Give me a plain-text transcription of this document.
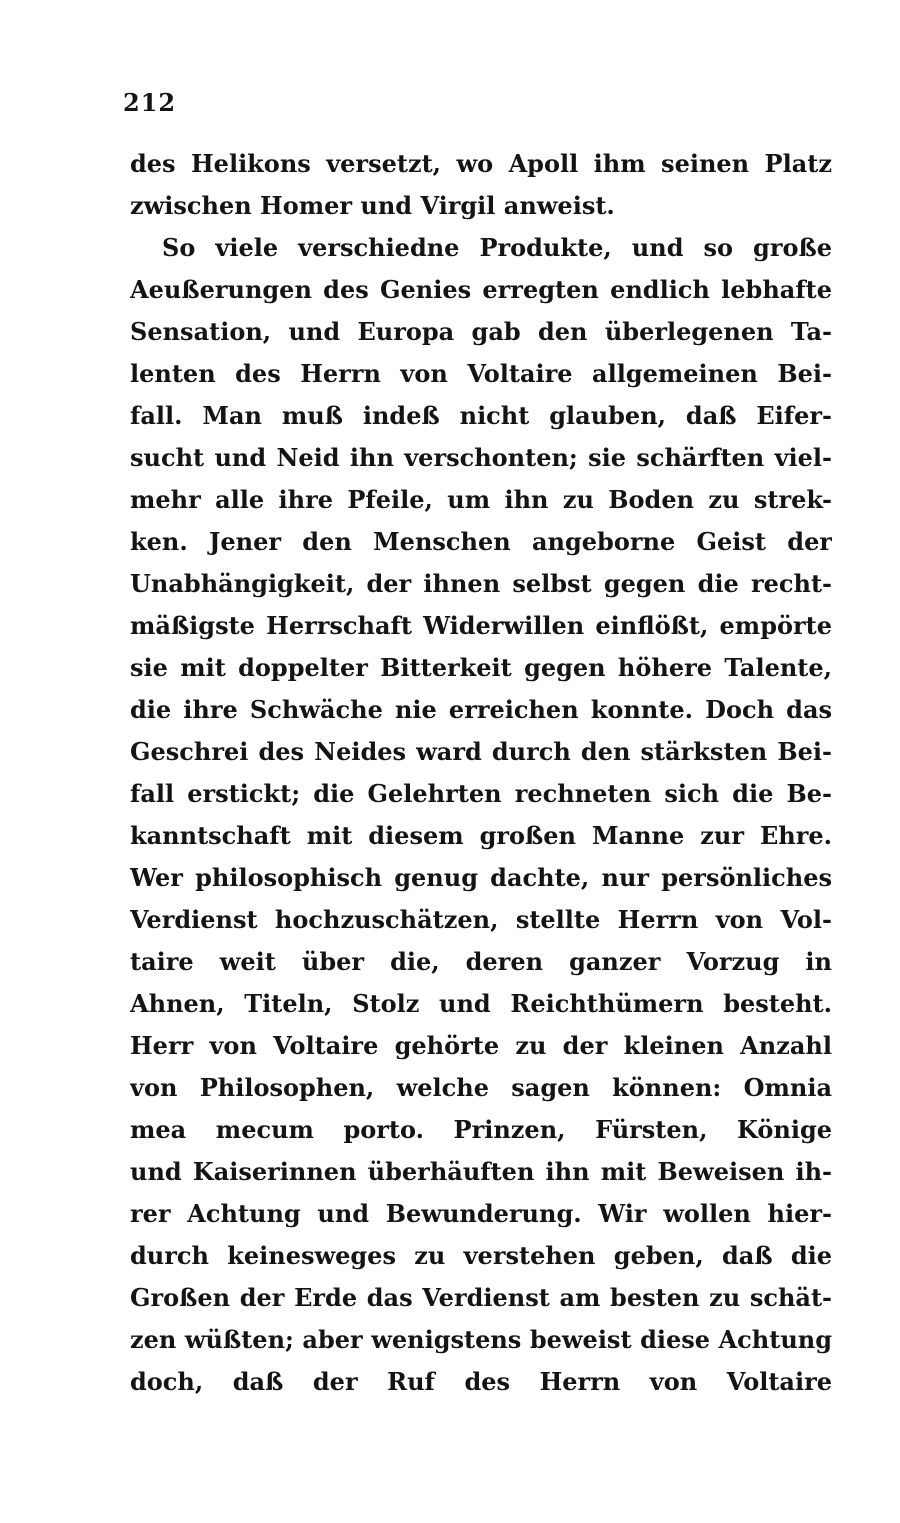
212
des Helikons versetzt, wo Apoll ihm seinen Platz
zwischen Homer und Virgil anweist.
So viele verschiedne Produkte, und so große
Aeußerungen des Genies erregten endlich lebhafte
Sensation, und Europa gab den überlegenen Ta-
lenten des Herrn von Voltaire allgemeinen Bei-
fall. Man muß indeß nicht glauben, daß Eifer-
sucht und Neid ihn verschonten; sie schärften viel-
mehr alle ihre Pfeile, um ihn zu Boden zu strek-
ken. Jener den Menschen angeborne Geist der
Unabhängigkeit, der ihnen selbst gegen die recht-
mäßigste Herrschaft Widerwillen einflößt, empörte
sie mit doppelter Bitterkeit gegen höhere Talente,
die ihre Schwäche nie erreichen konnte. Doch das
Geschrei des Neides ward durch den stärksten Bei-
fall erstickt; die Gelehrten rechneten sich die Be-
kanntschaft mit diesem großen Manne zur Ehre.
Wer philosophisch genug dachte, nur persönliches
Verdienst hochzuschätzen, stellte Herrn von Vol-
taire weit über die, deren ganzer Vorzug in
Ahnen, Titeln, Stolz und Reichthümern besteht.
Herr von Voltaire gehörte zu der kleinen Anzahl
von Philosophen, welche sagen können: Omnia
mea mecum porto. Prinzen, Fürsten, Könige
und Kaiserinnen überhäuften ihn mit Beweisen ih-
rer Achtung und Bewunderung. Wir wollen hier-
durch keinesweges zu verstehen geben, daß die
Großen der Erde das Verdienst am besten zu schät-
zen wüßten; aber wenigstens beweist diese Achtung
doch, daß der Ruf des Herrn von Voltaire
